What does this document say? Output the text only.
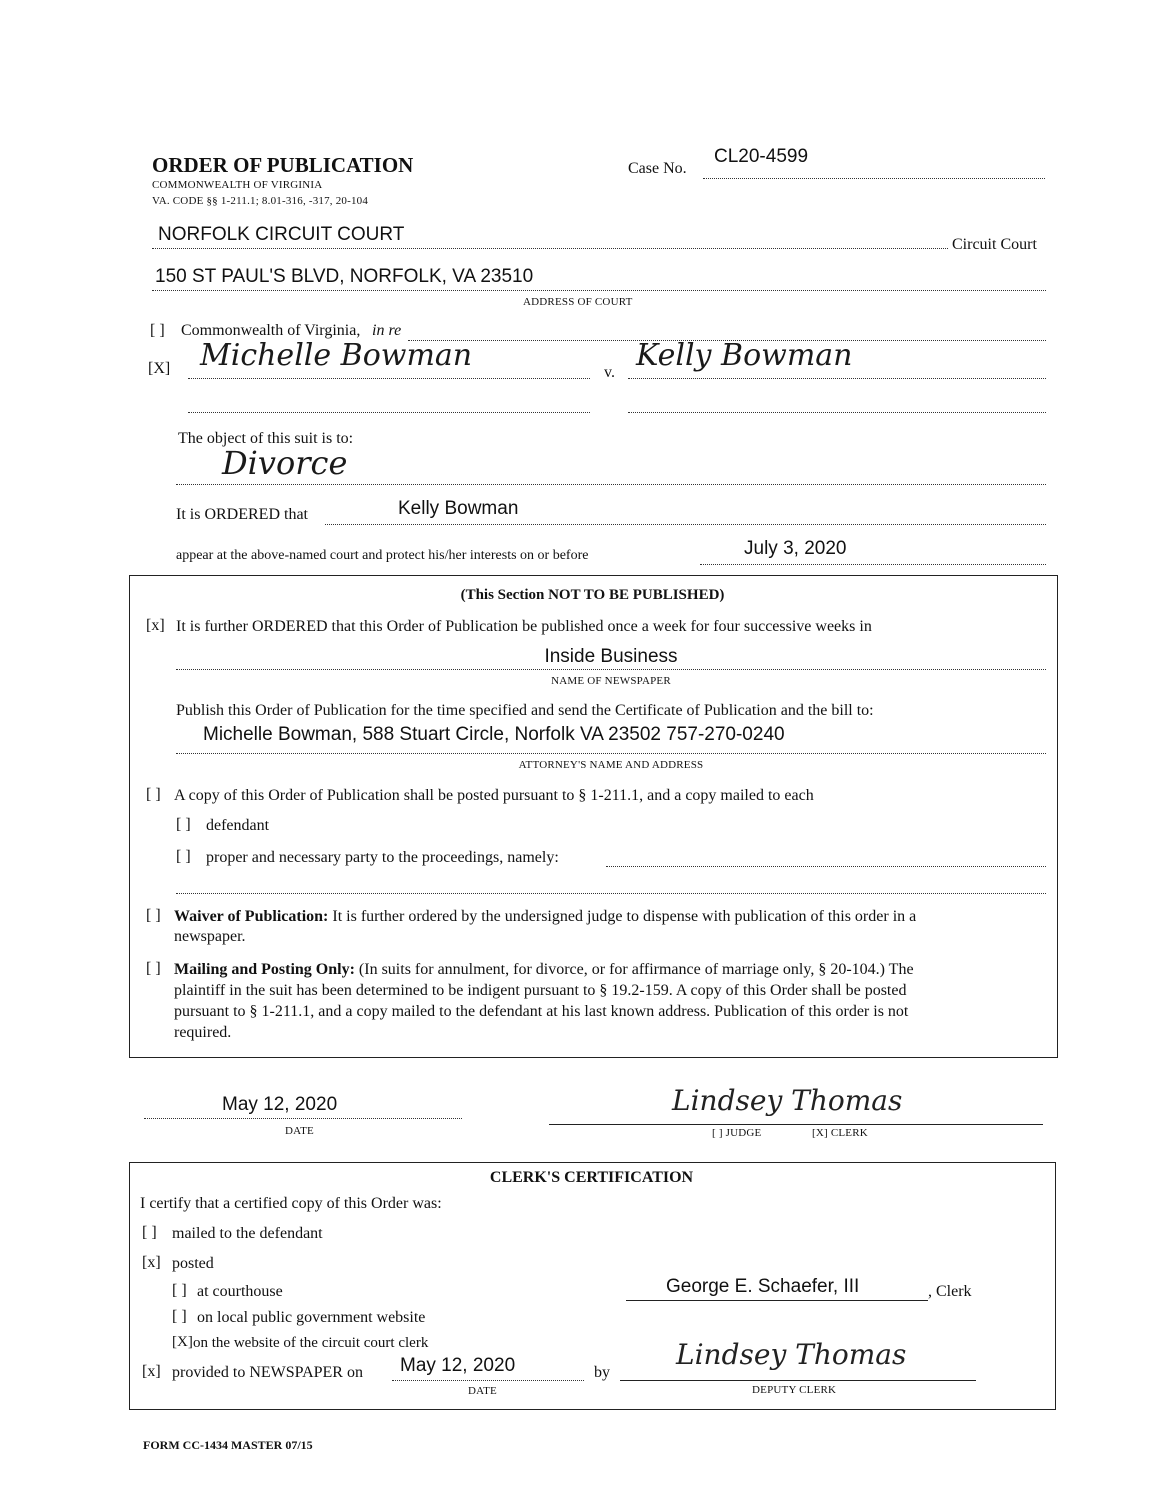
ORDER OF PUBLICATION
COMMONWEALTH OF VIRGINIA
VA. CODE §§ 1-211.1; 8.01-316, -317, 20-104
Case No.
CL20-4599
NORFOLK CIRCUIT COURT	Circuit Court
150 ST PAUL'S BLVD, NORFOLK, VA 23510
ADDRESS OF COURT
[ ] Commonwealth of Virginia, in re
[X] Michelle Bowman	v. Kelly Bowman
The object of this suit is to:
Divorce
It is ORDERED that	Kelly Bowman
appear at the above-named court and protect his/her interests on or before	July 3, 2020
(This Section NOT TO BE PUBLISHED)
[x] It is further ORDERED that this Order of Publication be published once a week for four successive weeks in
Inside Business
NAME OF NEWSPAPER
Publish this Order of Publication for the time specified and send the Certificate of Publication and the bill to:
Michelle Bowman, 588 Stuart Circle, Norfolk VA 23502 757-270-0240
ATTORNEY'S NAME AND ADDRESS
[ ] A copy of this Order of Publication shall be posted pursuant to § 1-211.1, and a copy mailed to each
[ ] defendant
[ ] proper and necessary party to the proceedings, namely:
[ ] Waiver of Publication: It is further ordered by the undersigned judge to dispense with publication of this order in a
newspaper.
[ ] Mailing and Posting Only: (In suits for annulment, for divorce, or for affirmance of marriage only, § 20-104.) The
plaintiff in the suit has been determined to be indigent pursuant to § 19.2-159. A copy of this Order shall be posted
pursuant to § 1-211.1, and a copy mailed to the defendant at his last known address. Publication of this order is not
required.
May 12, 2020
DATE
Lindsey Thomas
[ ] JUDGE	[X] CLERK
CLERK'S CERTIFICATION
I certify that a certified copy of this Order was:
[ ] mailed to the defendant
[x] posted
[ ] at courthouse
[ ] on local public government website
[X] on the website of the circuit court clerk
George E. Schaefer, III	, Clerk
[x] provided to NEWSPAPER on May 12, 2020
DATE
by
Lindsey Thomas
DEPUTY CLERK
FORM CC-1434 MASTER 07/15
